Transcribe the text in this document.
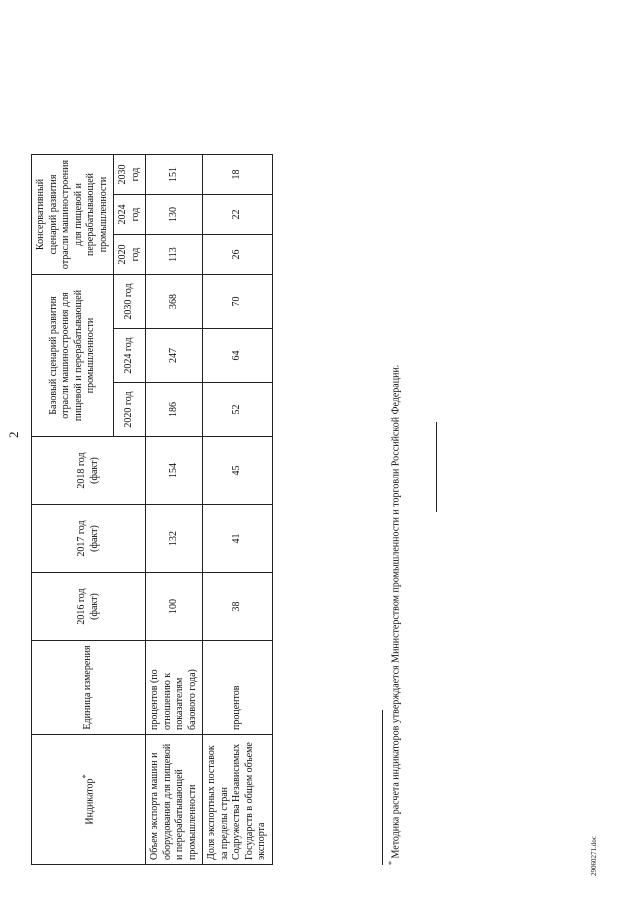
2
Индикатор*	Единица измерения	2016 год (факт)	2017 год (факт)	2018 год (факт)	Базовый сценарий развития отрасли машиностроения для пищевой и перерабатывающей промышленности			Консервативный сценарий развития отрасли машиностроения для пищевой и перерабатывающей промышленности		
					2020 год	2024 год	2030 год	2020 год	2024 год	2030 год
Объем экспорта машин и оборудования для пищевой и перерабатывающей промышленности	процентов (по отношению к показателям базового года)	100	132	154	186	247	368	113	130	151
Доля экспортных поставок за пределы стран Содружества Независимых Государств в общем объеме экспорта	процентов	38	41	45	52	64	70	26	22	18
* Методика расчета индикаторов утверждается Министерством промышленности и торговли Российской Федерации.	29060271.doc
